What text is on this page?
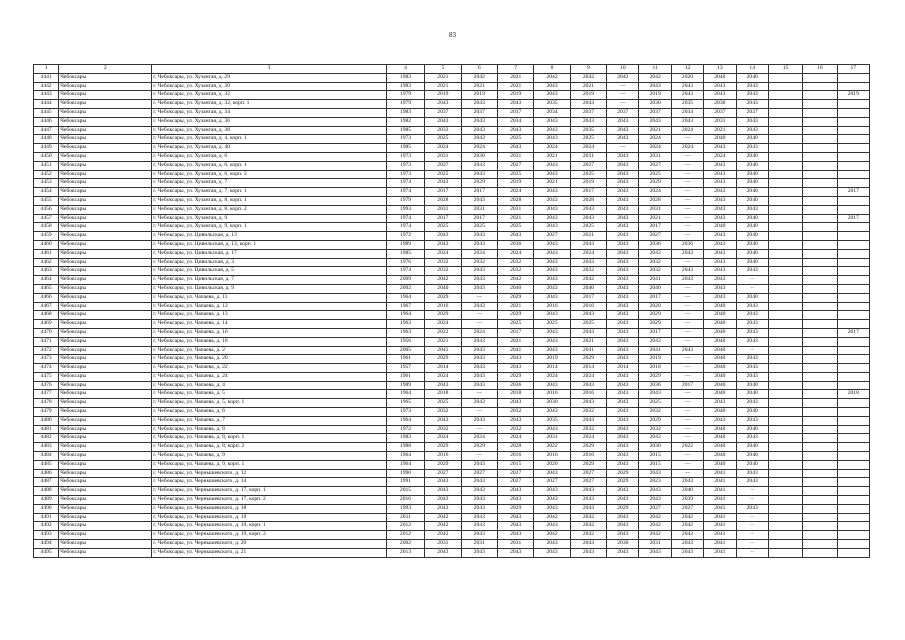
83
1	2	3	4	5	6	7	8	9	10	11	12	13	14	15	16	17
4441	Чебоксары	г. Чебоксары, ул. Хузангая, д. 29	1983	2021	2042	2021	2042	2042	2042	2042	2020	2040	2040			
4442	Чебоксары	г. Чебоксары, ул. Хузангая, д. 30	1983	2021	2021	2021	2043	2021	—	2043	2043	2043	2043			
4443	Чебоксары	г. Чебоксары, ул. Хузангая, д. 32	1979	2019	2019	2019	2043	2019	—	2019	2043	2043	2043			2019
4444	Чебоксары	г. Чебоксары, ул. Хузангая, д. 32, корп. 1	1979	2043	2043	2043	2035	2043	—	2030	2035	2030	2043			
4445	Чебоксары	г. Чебоксары, ул. Хузангая, д. 34	1983	2037	2037	2037	2034	2037	2037	2037	2034	2037	2037			
4446	Чебоксары	г. Чебоксары, ул. Хузангая, д. 36	1982	2043	2043	2034	2043	2043	2043	2043	2043	2031	2043			
4447	Чебоксары	г. Чебоксары, ул. Хузангая, д. 38	1985	2033	2043	2043	2043	2035	2043	2021	2024	2021	2043			
4448	Чебоксары	г. Чебоксары, ул. Хузангая, д. 4, корп. 1	1973	2025	2043	2025	2043	2025	2043	2024	—	2040	2040			
4449	Чебоксары	г. Чебоксары, ул. Хузангая, д. 40	1985	2024	2024	2043	2024	2024	—	2024	2024	2043	2043			
4450	Чебоксары	г. Чебоксары, ул. Хузангая, д. 6	1973	2031	2030	2031	2021	2031	2043	2031	—	2024	2040			
4451	Чебоксары	г. Чебоксары, ул. Хузангая, д. 6, корп. 1	1973	2027	2043	2027	2043	2027	2043	2027	—	2043	2040			
4452	Чебоксары	г. Чебоксары, ул. Хузангая, д. 6, корп. 2	1973	2025	2043	2025	2043	2025	2043	2025	—	2043	2040			
4453	Чебоксары	г. Чебоксары, ул. Хузангая, д. 7	1974	2043	2029	2019	2021	2019	2043	2029	—	2043	2040			
4454	Чебоксары	г. Чебоксары, ул. Хузангая, д. 7, корп. 1	1974	2017	2017	2024	2043	2017	2043	2024	—	2043	2040			2017
4455	Чебоксары	г. Чебоксары, ул. Хузангая, д. 8, корп. 1	1979	2028	2043	2028	2043	2028	2043	2028	—	2043	2040			
4456	Чебоксары	г. Чебоксары, ул. Хузангая, д. 8, корп. 2	1993	2031	2031	2031	2043	2043	2043	2031	—	2043	2043			
4457	Чебоксары	г. Чебоксары, ул. Хузангая, д. 9	1974	2017	2017	2021	2043	2043	2043	2021	—	2043	2040			2017
4458	Чебоксары	г. Чебоксары, ул. Хузангая, д. 9, корп. 1	1974	2025	2025	2025	2043	2025	2043	2017	—	2040	2040			
4459	Чебоксары	г. Чебоксары, ул. Цивильская, д. 13	1972	2043	2043	2043	2027	2021	2043	2027	—	2043	2040			
4460	Чебоксары	г. Чебоксары, ул. Цивильская, д. 13, корп. 1	1989	2043	2043	2036	2043	2043	2043	2036	2036	2043	2040			
4461	Чебоксары	г. Чебоксары, ул. Цивильская, д. 17	1985	2024	2024	2024	2043	2024	2043	2043	2043	2043	2040			
4462	Чебоксары	г. Чебоксары, ул. Цивильская, д. 3	1976	2032	2032	2032	2043	2043	2043	2032	—	2043	2040			
4463	Чебоксары	г. Чебоксары, ул. Цивильская, д. 5	1974	2032	2043	2032	2043	2032	2043	2032	2043	2043	2043			
4464	Чебоксары	г. Чебоксары, ул. Цивильская, д. 7	2009	2042	2043	2042	2043	2042	2043	2041	2043	2043	–			
4465	Чебоксары	г. Чебоксары, ул. Цивильская, д. 9	2002	2040	2043	2040	2043	2040	2043	2040	—	2043	–			
4466	Чебоксары	г. Чебоксары, ул. Чапаева, д. 11	1964	2029	—	2029	2043	2017	2043	2017	—	2043	2040			
4467	Чебоксары	г. Чебоксары, ул. Чапаева, д. 12	1967	2016	2043	2021	2016	2016	2043	2020	—	2040	2043			
4468	Чебоксары	г. Чебоксары, ул. Чапаева, д. 13	1964	2029	—	2029	2043	2043	2043	2029	—	2040	2043			
4469	Чебоксары	г. Чебоксары, ул. Чапаева, д. 14	1963	2024	—	2025	2025	2025	2043	2029	—	2040	2043			
4470	Чебоксары	г. Чебоксары, ул. Чапаева, д. 16	1963	2022	2024	2017	2043	2043	2043	2017	—	2040	2043			2017
4471	Чебоксары	г. Чебоксары, ул. Чапаева, д. 18	1956	2021	2043	2021	2043	2021	2043	2043	—	2040	2043			
4472	Чебоксары	г. Чебоксары, ул. Чапаева, д. 2	2005	2041	2043	2041	2043	2041	2043	2041	2043	2040	–			
4473	Чебоксары	г. Чебоксары, ул. Чапаева, д. 20	1961	2029	2043	2043	2019	2029	2043	2019	—	2040	2043			
4474	Чебоксары	г. Чебоксары, ул. Чапаева, д. 22	1957	2014	2043	2043	2014	2014	2014	2018	—	2040	2043			
4475	Чебоксары	г. Чебоксары, ул. Чапаева, д. 24	1961	2024	2043	2029	2024	2024	2043	2029	—	2040	2043			
4476	Чебоксары	г. Чебоксары, ул. Чапаева, д. 4	1989	2043	2043	2036	2043	2043	2043	2036	2017	2040	2040			
4477	Чебоксары	г. Чебоксары, ул. Чапаева, д. 5	1964	2018	—	2018	2016	2016	2043	2043	—	2040	2040			2018
4478	Чебоксары	г. Чебоксары, ул. Чапаева, д. 5, корп. 1	1965	2025	2043	2043	2030	2043	2043	2025	—	2043	2043			
4479	Чебоксары	г. Чебоксары, ул. Чапаева, д. 6	1973	2032	—	2032	2043	2032	2043	2032	—	2040	2040			
4480	Чебоксары	г. Чебоксары, ул. Чапаева, д. 7	1964	2043	2043	2043	2035	2043	2043	2029	—	2043	2043			
4481	Чебоксары	г. Чебоксары, ул. Чапаева, д. 8	1972	2032	—	2032	2043	2032	2043	2032	—	2040	2040			
4482	Чебоксары	г. Чебоксары, ул. Чапаева, д. 8, корп. 1	1983	2024	2024	2024	2031	2024	2043	2043	—	2040	2043			
4483	Чебоксары	г. Чебоксары, ул. Чапаева, д. 8, корп. 2	1988	2029	2029	2028	2022	2029	2043	2030	2022	2040	2040			
4484	Чебоксары	г. Чебоксары, ул. Чапаева, д. 9	1964	2016	—	2016	2016	2016	2043	2015	—	2040	2040			
4485	Чебоксары	г. Чебоксары, ул. Чапаева, д. 9, корп. 1	1964	2029	2043	2015	2020	2029	2043	2015	—	2040	2040			
4486	Чебоксары	г. Чебоксары, ул. Чернышевского, д. 12	1990	2027	2027	2027	2043	2027	2029	2043	—	2041	2043			
4487	Чебоксары	г. Чебоксары, ул. Чернышевского, д. 14	1991	2043	2043	2027	2027	2027	2029	2023	2043	2041	2043			
4488	Чебоксары	г. Чебоксары, ул. Чернышевского, д. 17, корп. 1	2015	2043	2043	2043	2043	2043	2043	2043	2040	2041	–			
4489	Чебоксары	г. Чебоксары, ул. Чернышевского, д. 17, корп. 2	2016	2043	2043	2043	2043	2043	2043	2043	2039	2041	–			
4490	Чебоксары	г. Чебоксары, ул. Чернышевского, д. 18	1993	2043	2043	2029	2043	2043	2029	2027	2027	2041	2043			
4491	Чебоксары	г. Чебоксары, ул. Чернышевского, д. 19	2011	2042	2043	2043	2042	2042	2043	2042	2042	2041	–			
4492	Чебоксары	г. Чебоксары, ул. Чернышевского, д. 19, корп. 1	2012	2042	2043	2043	2043	2042	2043	2042	2042	2041	–			
4493	Чебоксары	г. Чебоксары, ул. Чернышевского, д. 19, корп. 2	2012	2042	2043	2043	2042	2042	2043	2042	2042	2041	–			
4494	Чебоксары	г. Чебоксары, ул. Чернышевского, д. 20	2002	2031	2031	2031	2043	2043	2030	2031	2043	2041	–			
4495	Чебоксары	г. Чебоксары, ул. Чернышевского, д. 21	2013	2043	2043	2043	2043	2043	2043	2043	2043	2041	–			
